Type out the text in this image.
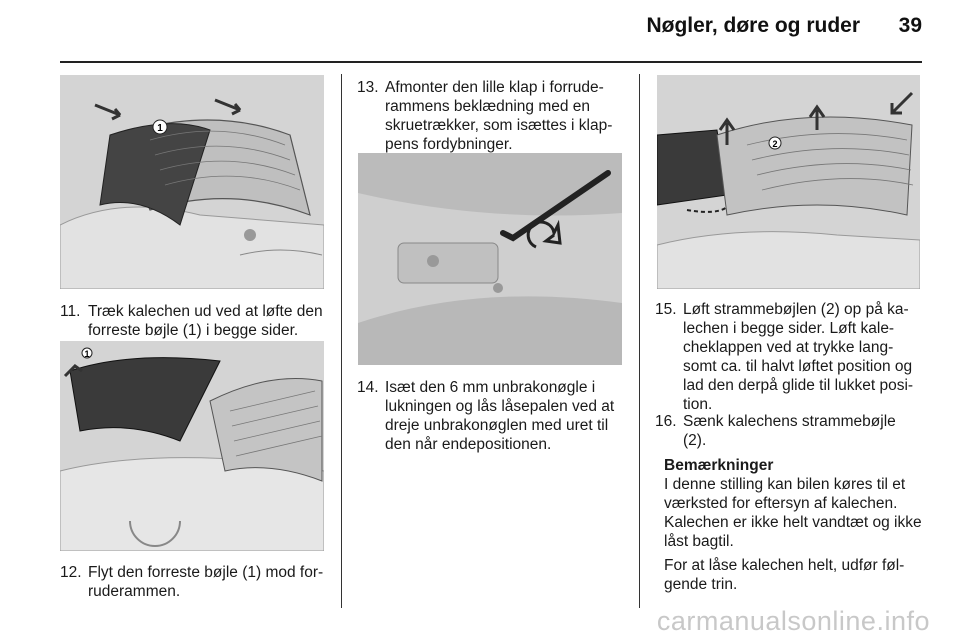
Nøgler, døre og ruder	39
1
11. Træk kalechen ud ved at løfte den forreste bøjle (1) i begge sider.
1
12. Flyt den forreste bøjle (1) mod for-ruderammen.
13. Afmonter den lille klap i forrude-rammens beklædning med en skruetrækker, som isættes i klap-pens fordybninger.
14. Isæt den 6 mm unbrakonøgle i lukningen og lås låsepalen ved at dreje unbrakonøglen med uret til den når endepositionen.
2
15. Løft strammebøjlen (2) op på ka-lechen i begge sider. Løft kale-cheklappen ved at trykke lang-somt ca. til halvt løftet position og lad den derpå glide til lukket posi-tion.
16. Sænk kalechens strammebøjle (2).
Bemærkninger

I denne stilling kan bilen køres til et værksted for eftersyn af kalechen. Kalechen er ikke helt vandtæt og ikke låst bagtil.

For at låse kalechen helt, udfør føl-gende trin.

carmanualsonline.info
